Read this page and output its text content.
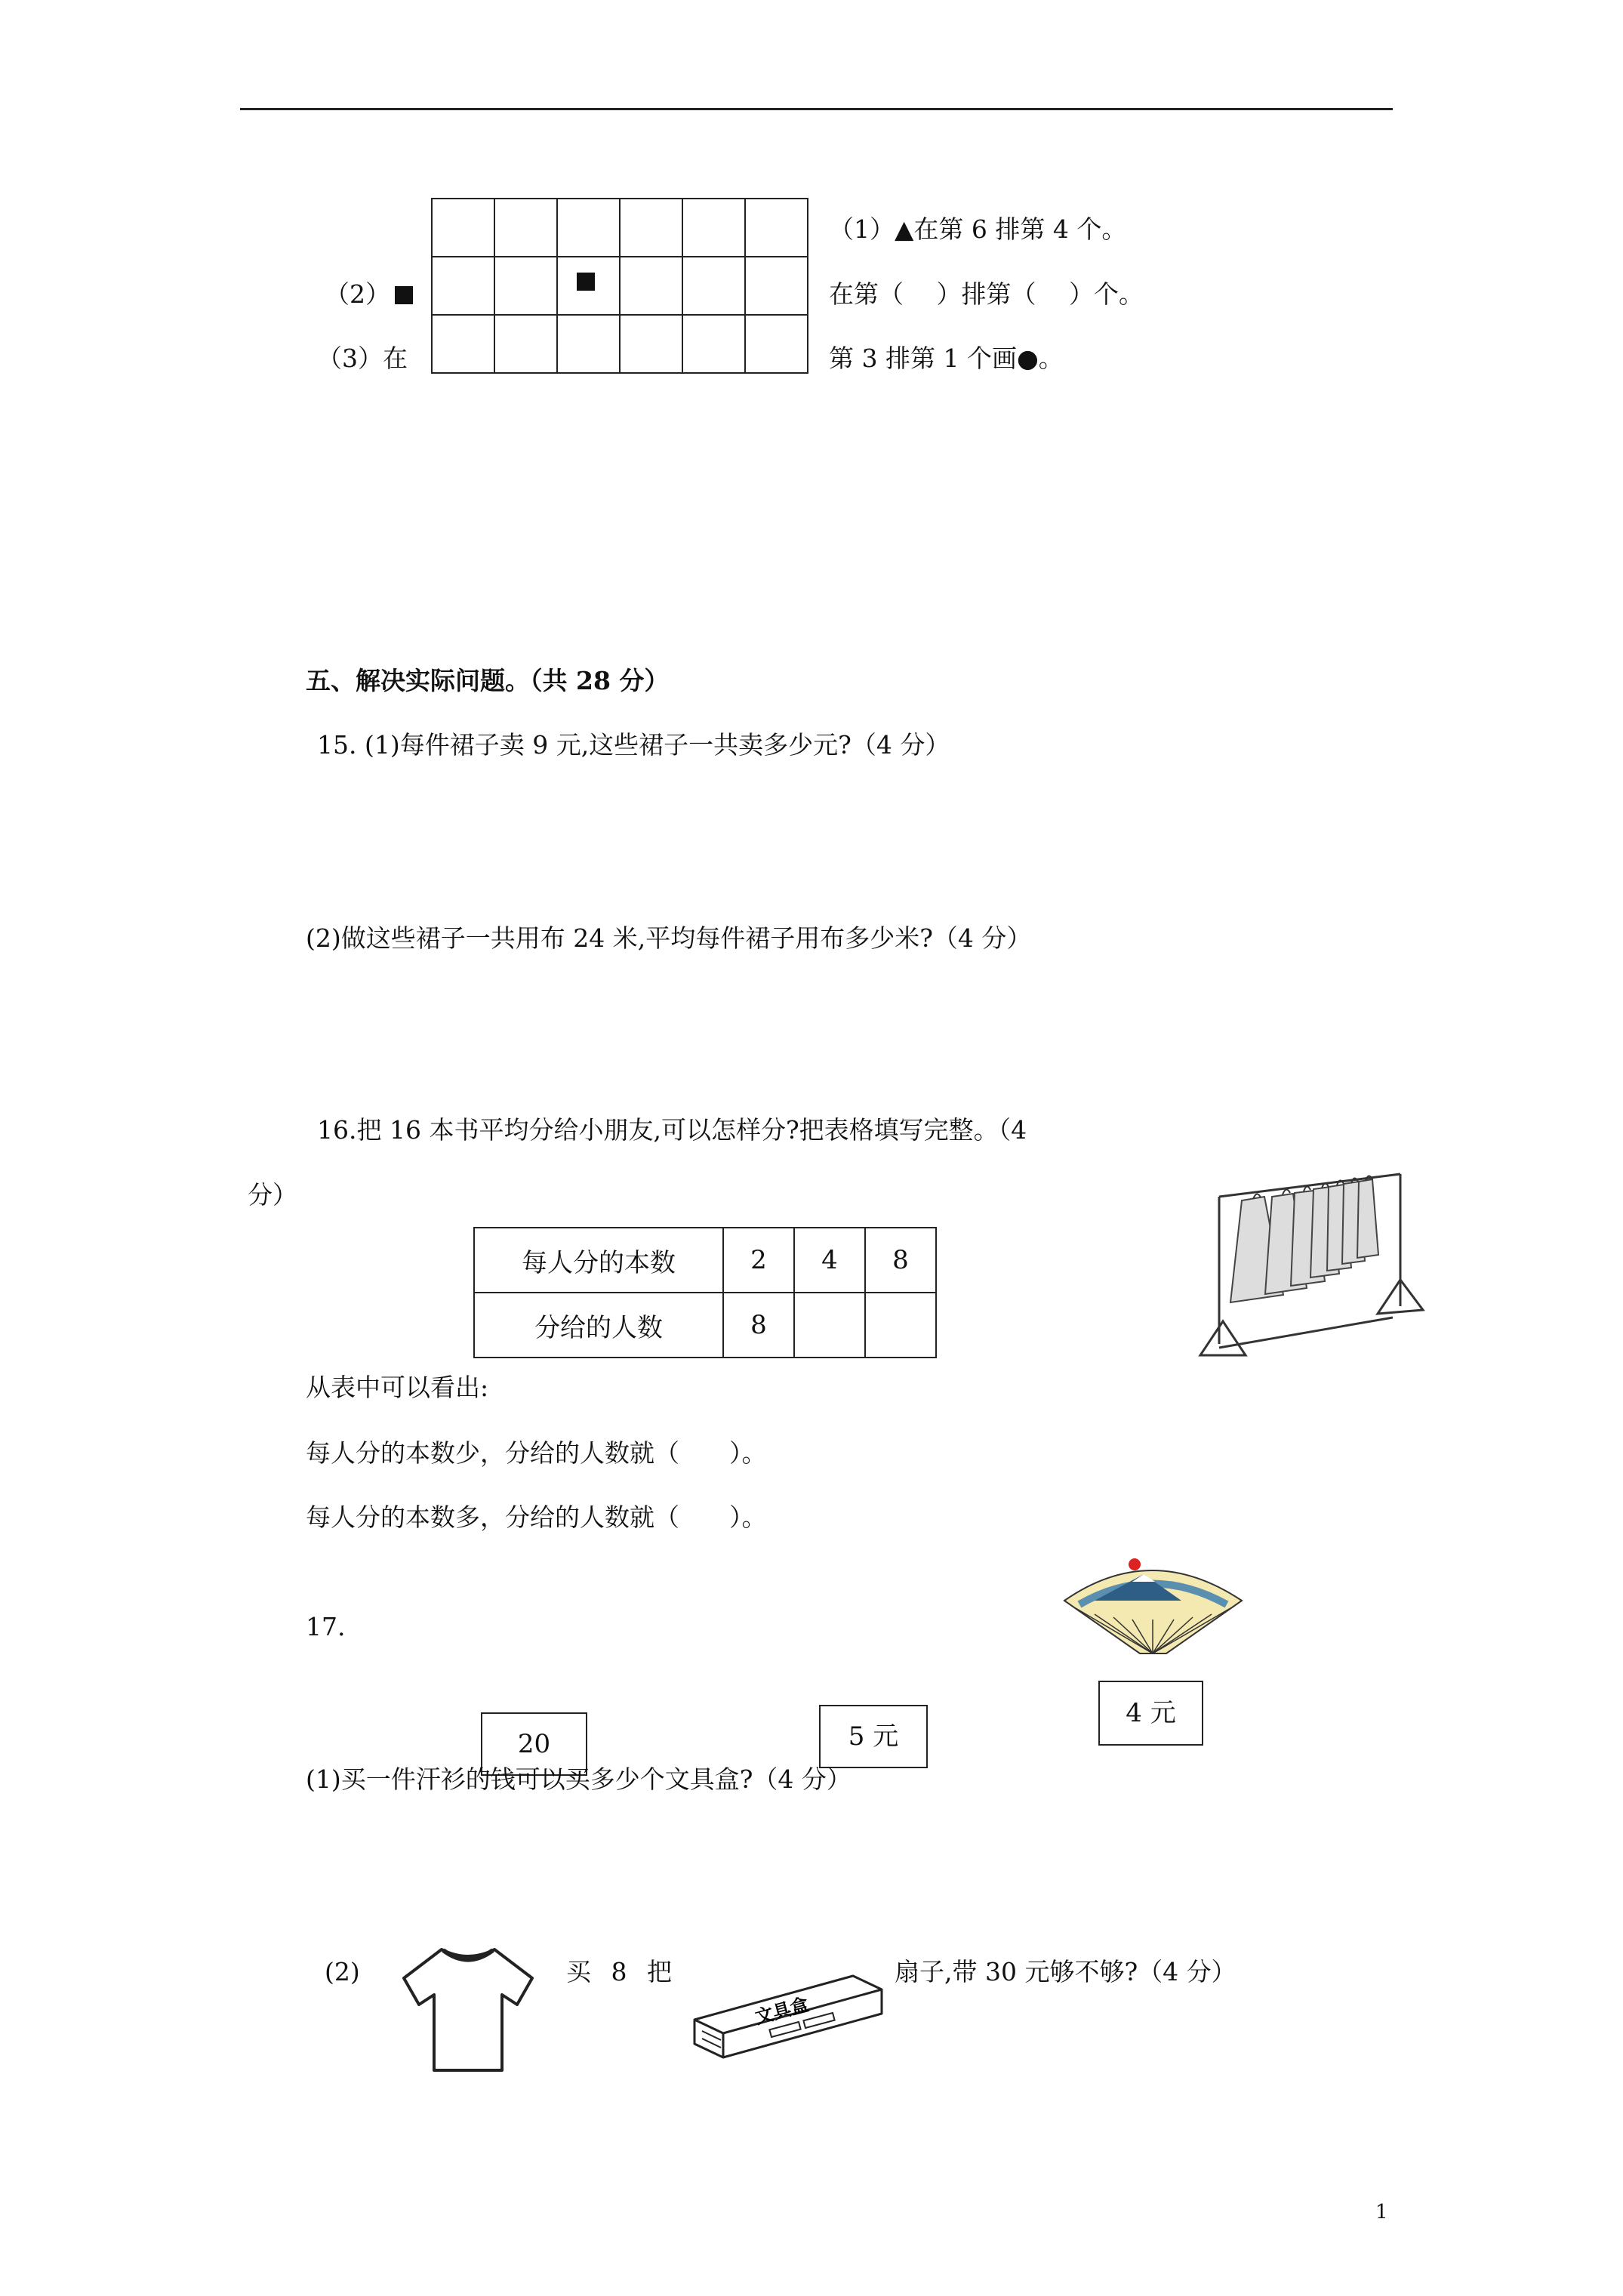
（1）▲在第 6 排第 4 个。
（2）	在第（　 ）排第（　 ）个。
（3）在	第 3 排第 1 个画●。
五、解决实际问题。（共 28 分）
15. (1)每件裙子卖 9 元,这些裙子一共卖多少元?（4 分）
(2)做这些裙子一共用布 24 米,平均每件裙子用布多少米?（4 分）
16.把 16 本书平均分给小朋友,可以怎样分?把表格填写完整。（4
分）
每人分的本数	2	4	8
分给的人数	8		
从表中可以看出:
每人分的本数少，分给的人数就（　　）。
每人分的本数多，分给的人数就（　　）。
17.
4 元
5 元
20
(1)买一件汗衫的钱可以买多少个文具盒?（4 分）
(2)	买 8 把
文具盒
扇子,带 30 元够不够?（4 分）
1
